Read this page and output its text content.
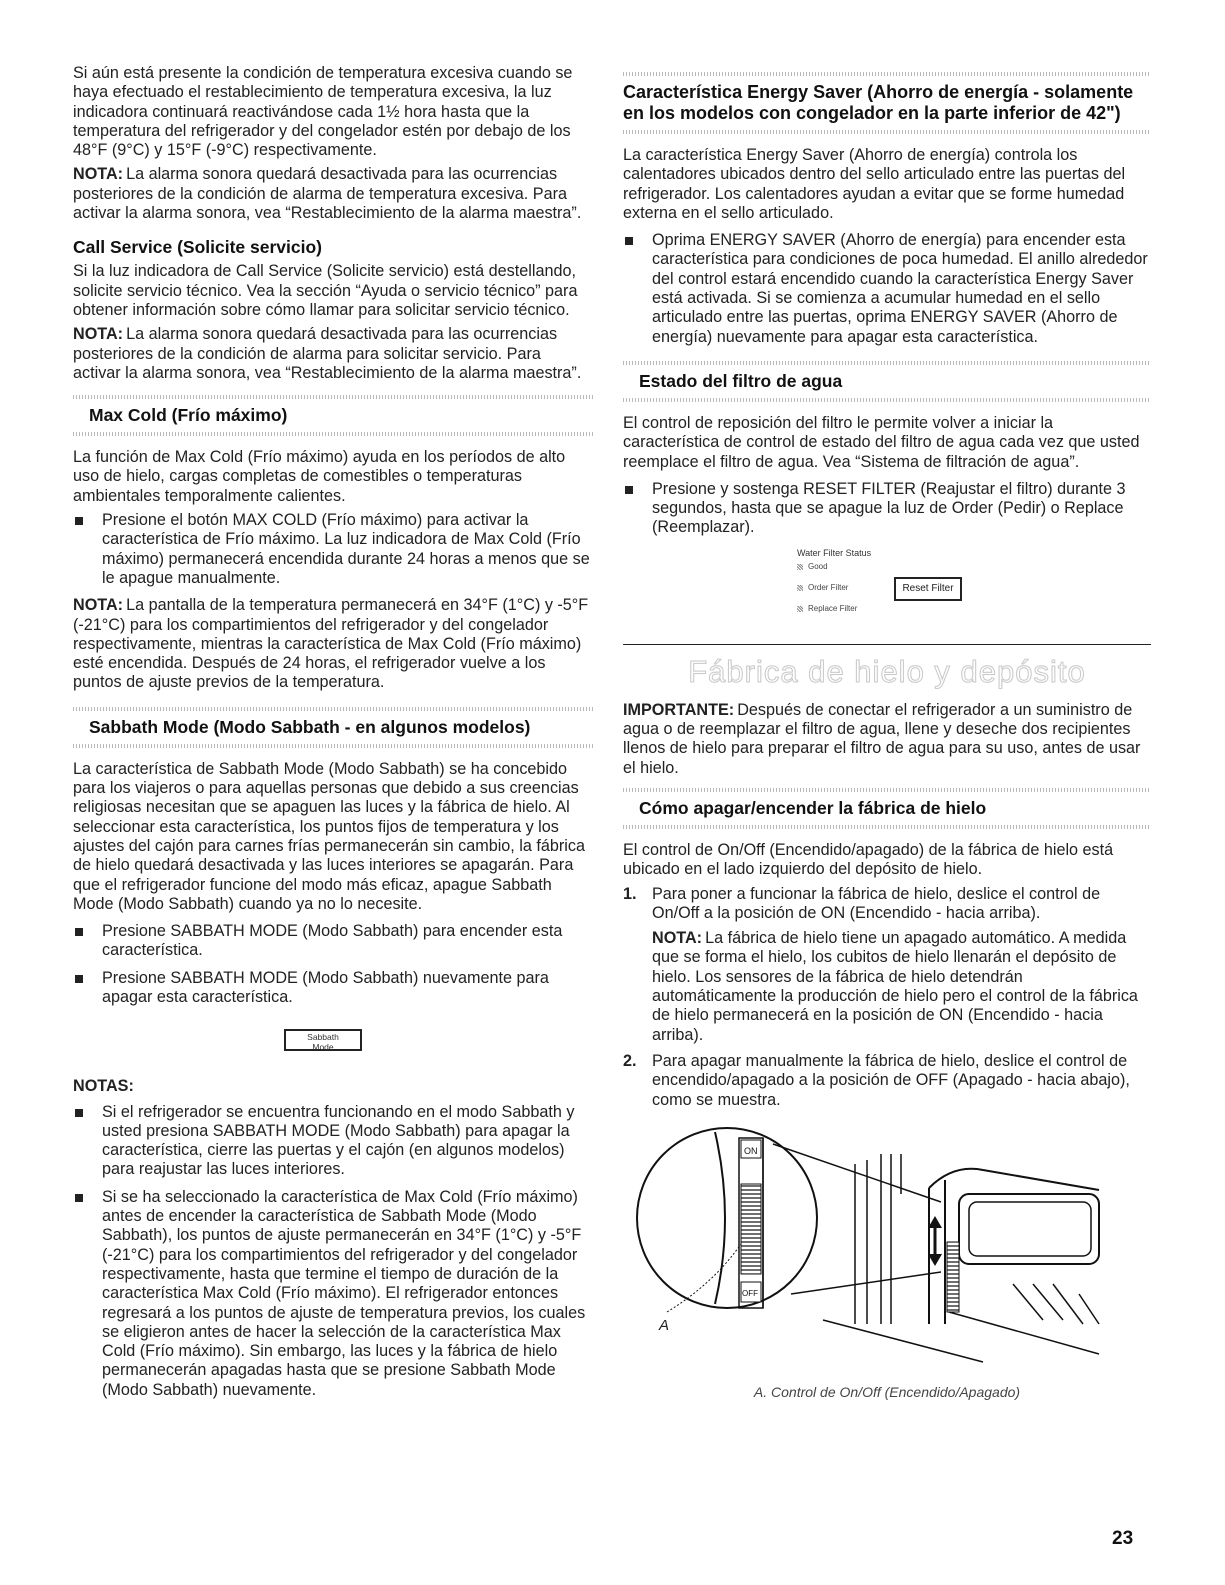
Si aún está presente la condición de temperatura excesiva cuando se haya efectuado el restablecimiento de temperatura excesiva, la luz indicadora continuará reactivándose cada 1½ hora hasta que la temperatura del refrigerador y del congelador estén por debajo de los 48°F (9°C) y 15°F (-9°C) respectivamente.

NOTA: La alarma sonora quedará desactivada para las ocurrencias posteriores de la condición de alarma de temperatura excesiva. Para activar la alarma sonora, vea “Restablecimiento de la alarma maestra”.

Call Service (Solicite servicio)

Si la luz indicadora de Call Service (Solicite servicio) está destellando, solicite servicio técnico. Vea la sección “Ayuda o servicio técnico” para obtener información sobre cómo llamar para solicitar servicio técnico.

NOTA: La alarma sonora quedará desactivada para las ocurrencias posteriores de la condición de alarma para solicitar servicio. Para activar la alarma sonora, vea “Restablecimiento de la alarma maestra”.

Max Cold (Frío máximo)

La función de Max Cold (Frío máximo) ayuda en los períodos de alto uso de hielo, cargas completas de comestibles o temperaturas ambientales temporalmente calientes.

Presione el botón MAX COLD (Frío máximo) para activar la característica de Frío máximo. La luz indicadora de Max Cold (Frío máximo) permanecerá encendida durante 24 horas a menos que se le apague manualmente.

NOTA: La pantalla de la temperatura permanecerá en 34°F (1°C) y -5°F (-21°C) para los compartimientos del refrigerador y del congelador respectivamente, mientras la característica de Max Cold (Frío máximo) esté encendida. Después de 24 horas, el refrigerador vuelve a los puntos de ajuste previos de la temperatura.

Sabbath Mode (Modo Sabbath - en algunos modelos)

La característica de Sabbath Mode (Modo Sabbath) se ha concebido para los viajeros o para aquellas personas que debido a sus creencias religiosas necesitan que se apaguen las luces y la fábrica de hielo. Al seleccionar esta característica, los puntos fijos de temperatura y los ajustes del cajón para carnes frías permanecerán sin cambio, la fábrica de hielo quedará desactivada y las luces interiores se apagarán. Para que el refrigerador funcione del modo más eficaz, apague Sabbath Mode (Modo Sabbath) cuando ya no lo necesite.

Presione SABBATH MODE (Modo Sabbath) para encender esta característica.
Presione SABBATH MODE (Modo Sabbath) nuevamente para apagar esta característica.
Sabbath
Mode

NOTAS:

Si el refrigerador se encuentra funcionando en el modo Sabbath y usted presiona SABBATH MODE (Modo Sabbath) para apagar la característica, cierre las puertas y el cajón (en algunos modelos) para reajustar las luces interiores.
Si se ha seleccionado la característica de Max Cold (Frío máximo) antes de encender la característica de Sabbath Mode (Modo Sabbath), los puntos de ajuste permanecerán en 34°F (1°C) y -5°F (-21°C) para los compartimientos del refrigerador y del congelador respectivamente, hasta que termine el tiempo de duración de la característica Max Cold (Frío máximo). El refrigerador entonces regresará a los puntos de ajuste de temperatura previos, los cuales se eligieron antes de hacer la selección de la característica Max Cold (Frío máximo). Sin embargo, las luces y la fábrica de hielo permanecerán apagadas hasta que se presione Sabbath Mode (Modo Sabbath) nuevamente.
Característica Energy Saver (Ahorro de energía - solamente en los modelos con congelador en la parte inferior de 42")

La característica Energy Saver (Ahorro de energía) controla los calentadores ubicados dentro del sello articulado entre las puertas del refrigerador. Los calentadores ayudan a evitar que se forme humedad externa en el sello articulado.

Oprima ENERGY SAVER (Ahorro de energía) para encender esta característica para condiciones de poca humedad. El anillo alrededor del control estará encendido cuando la característica Energy Saver está activada. Si se comienza a acumular humedad en el sello articulado entre las puertas, oprima ENERGY SAVER (Ahorro de energía) nuevamente para apagar esta característica.
Estado del filtro de agua

El control de reposición del filtro le permite volver a iniciar la característica de control de estado del filtro de agua cada vez que usted reemplace el filtro de agua. Vea “Sistema de filtración de agua”.

Presione y sostenga RESET FILTER (Reajustar el filtro) durante 3 segundos, hasta que se apague la luz de Order (Pedir) o Replace (Reemplazar).
Water Filter Status
Good
Order Filter
Replace Filter
Reset Filter
Fábrica de hielo y depósito

IMPORTANTE: Después de conectar el refrigerador a un suministro de agua o de reemplazar el filtro de agua, llene y deseche dos recipientes llenos de hielo para preparar el filtro de agua para su uso, antes de usar el hielo.

Cómo apagar/encender la fábrica de hielo

El control de On/Off (Encendido/apagado) de la fábrica de hielo está ubicado en el lado izquierdo del depósito de hielo.

1. Para poner a funcionar la fábrica de hielo, deslice el control de On/Off a la posición de ON (Encendido - hacia arriba).

NOTA: La fábrica de hielo tiene un apagado automático. A medida que se forma el hielo, los cubitos de hielo llenarán el depósito de hielo. Los sensores de la fábrica de hielo detendrán automáticamente la producción de hielo pero el control de la fábrica de hielo permanecerá en la posición de ON (Encendido - hacia arriba).

2. Para apagar manualmente la fábrica de hielo, deslice el control de encendido/apagado a la posición de OFF (Apagado - hacia abajo), como se muestra.
ON
OFF
A
A. Control de On/Off (Encendido/Apagado)
23
